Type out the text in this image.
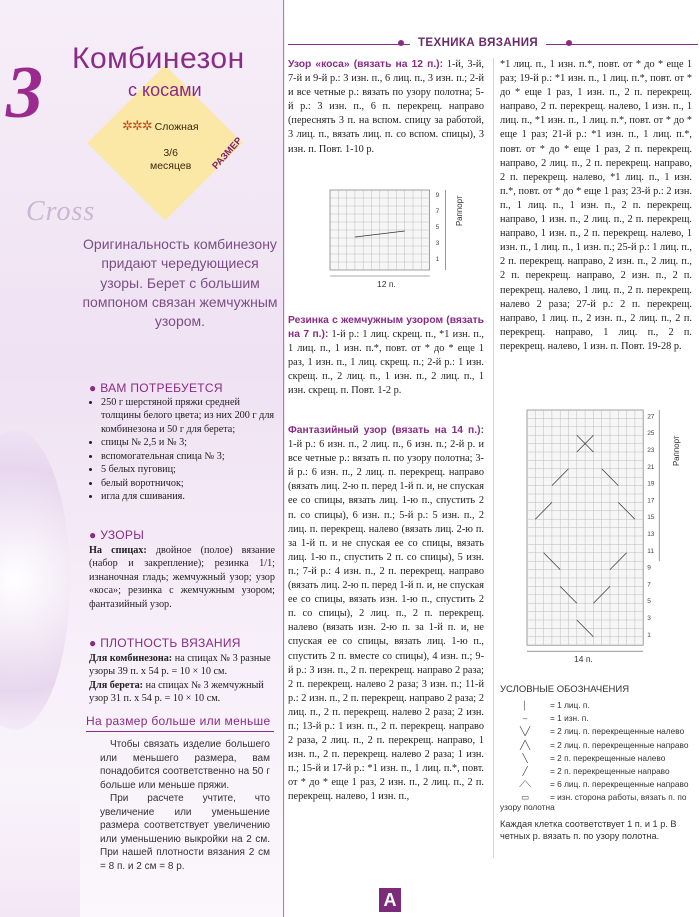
3 Комбинезон
с косами
✲✲✲ Сложная
3/6
месяцев РАЗМЕР
Cross
Оригинальность комбинезону придают чередующиеся узоры. Берет с большим помпоном связан жемчужным узором.
● ВАМ ПОТРЕБУЕТСЯ
• 250 г шерстяной пряжи средней толщины белого цвета; из них 200 г для комбинезона и 50 г для берета;
• спицы № 2,5 и № 3;
• вспомогательная спица № 3;
• 5 белых пуговиц;
• белый воротничок;
• игла для сшивания.
● УЗОРЫ
На спицах: двойное (полое) вязание (набор и закрепление); резинка 1/1; изнаночная гладь; жемчужный узор; узор «коса»; резинка с жемчужным узором; фантазийный узор.
● ПЛОТНОСТЬ ВЯЗАНИЯ
Для комбинезона: на спицах № 3 разные узоры 39 п. х 54 р. = 10 × 10 см.
Для берета: на спицах № 3 жемчужный узор 31 п. х 54 р. = 10 × 10 см.
На размер больше или меньше
Чтобы связать изделие большего или меньшего размера, вам понадобится соответственно на 50 г больше или меньше пряжи.
При расчете учтите, что увеличение или уменьшение размера соответствует увеличению или уменьшению выкройки на 2 см. При нашей плотности вязания 2 см = 8 п. и 2 см = 8 р.
ТЕХНИКА ВЯЗАНИЯ
Узор «коса» (вязать на 12 п.): 1-й, 3-й, 7-й и 9-й р.: 3 изн. п., 6 лиц. п., 3 изн. п.; 2-й и все четные р.: вязать по узору полотна; 5-й р.: 3 изн. п., 6 п. перекрещ. направо (переснять 3 п. на вспом. спицу за работой, 3 лиц. п., вязать лиц. п. со вспом. спицы), 3 изн. п. Повт. 1-10 р.
9
7
5
3
1
12 п.
Раппорт
Резинка с жемчужным узором (вязать на 7 п.): 1-й р.: 1 лиц. скрещ. п., *1 изн. п., 1 лиц. п., 1 изн. п.*, повт. от * до * еще 1 раз, 1 изн. п., 1 лиц. скрещ. п.; 2-й р.: 1 изн. скрещ. п., 2 лиц. п., 1 изн. п., 2 лиц. п., 1 изн. скрещ. п. Повт. 1-2 р.
Фантазийный узор (вязать на 14 п.): 1-й р.: 6 изн. п., 2 лиц. п., 6 изн. п.; 2-й р. и все четные р.: вязать п. по узору полотна; 3-й р.: 6 изн. п., 2 лиц. п. перекрещ. направо (вязать лиц. 2-ю п. перед 1-й п. и, не спуская ее со спицы, вязать лиц. 1-ю п., спустить 2 п. со спицы), 6 изн. п.; 5-й р.: 5 изн. п., 2 лиц. п. перекрещ. налево (вязать лиц. 2-ю п. за 1-й п. и не спуская ее со спицы, вязать лиц. 1-ю п., спустить 2 п. со спицы), 5 изн. п.; 7-й р.: 4 изн. п., 2 п. перекрещ. направо (вязать лиц. 2-ю п. перед 1-й п. и, не спуская ее со спицы, вязать изн. 1-ю п., спустить 2 п. со спицы), 2 лиц. п., 2 п. перекрещ. налево (вязать изн. 2-ю п. за 1-й п. и, не спуская ее со спицы, вязать лиц. 1-ю п., спустить 2 п. вместе со спицы), 4 изн. п.; 9-й р.: 3 изн. п., 2 п. перекрещ. направо 2 раза; 2 п. перекрещ. налево 2 раза; 3 изн. п.; 11-й р.: 2 изн. п., 2 п. перекрещ. направо 2 раза; 2 лиц. п., 2 п. перекрещ. налево 2 раза; 2 изн. п.; 13-й р.: 1 изн. п., 2 п. перекрещ. направо 2 раза, 2 лиц. п., 2 п. перекрещ. направо, 1 изн. п., 2 п. перекрещ. налево 2 раза; 1 изн. п.; 15-й и 17-й р.: *1 изн. п., 1 лиц. п.*, повт. от * до * еще 1 раз, 2 изн. п., 2 лиц. п., 2 п. перекрещ. налево, 1 изн. п.,
*1 лиц. п., 1 изн. п.*, повт. от * до * еще 1 раз; 19-й р.: *1 изн. п., 1 лиц. п.*, повт. от * до * еще 1 раз, 1 изн. п., 2 п. перекрещ. направо, 2 п. перекрещ. налево, 1 изн. п., 1 лиц. п., *1 изн. п., 1 лиц. п.*, повт. от * до * еще 1 раз; 21-й р.: *1 изн. п., 1 лиц. п.*, повт. от * до * еще 1 раз, 2 п. перекрещ. направо, 2 лиц. п., 2 п. перекрещ. направо, 2 п. перекрещ. налево, *1 лиц. п., 1 изн. п.*, повт. от * до * еще 1 раз; 23-й р.: 2 изн. п., 1 лиц. п., 1 изн. п., 2 п. перекрещ. направо, 1 изн. п., 2 лиц. п., 2 п. перекрещ. направо, 1 изн. п., 2 п. перекрещ. налево, 1 изн. п., 1 лиц. п., 1 изн. п.; 25-й р.: 1 лиц. п., 2 п. перекрещ. направо, 2 изн. п., 2 лиц. п., 2 п. перекрещ. направо, 2 изн. п., 2 п. перекрещ. налево, 1 лиц. п., 2 п. перекрещ. налево 2 раза; 27-й р.: 2 п. перекрещ. направо, 1 лиц. п., 2 изн. п., 2 лиц. п., 2 п. перекрещ. направо, 1 лиц. п., 2 п. перекрещ. налево, 1 изн. п. Повт. 19-28 р.
27
25
23
21
19
17
15
13
11
9
7
5
3
1
14 п.
Раппорт
УСЛОВНЫЕ ОБОЗНАЧЕНИЯ
│	= 1 лиц. п.
–	= 1 изн. п.
╲╱ = 2 лиц. п. перекрещенные налево
╱╲ = 2 лиц. п. перекрещенные направо
╲	= 2 п. перекрещенные налево
╱	= 2 п. перекрещенные направо
⟋⟍ = 6 лиц. п. перекрещенные направо
▭	= изн. сторона работы, вязать п. по узору полотна
Каждая клетка соответствует 1 п. и 1 р. В четных р. вязать п. по узору полотна.
А
